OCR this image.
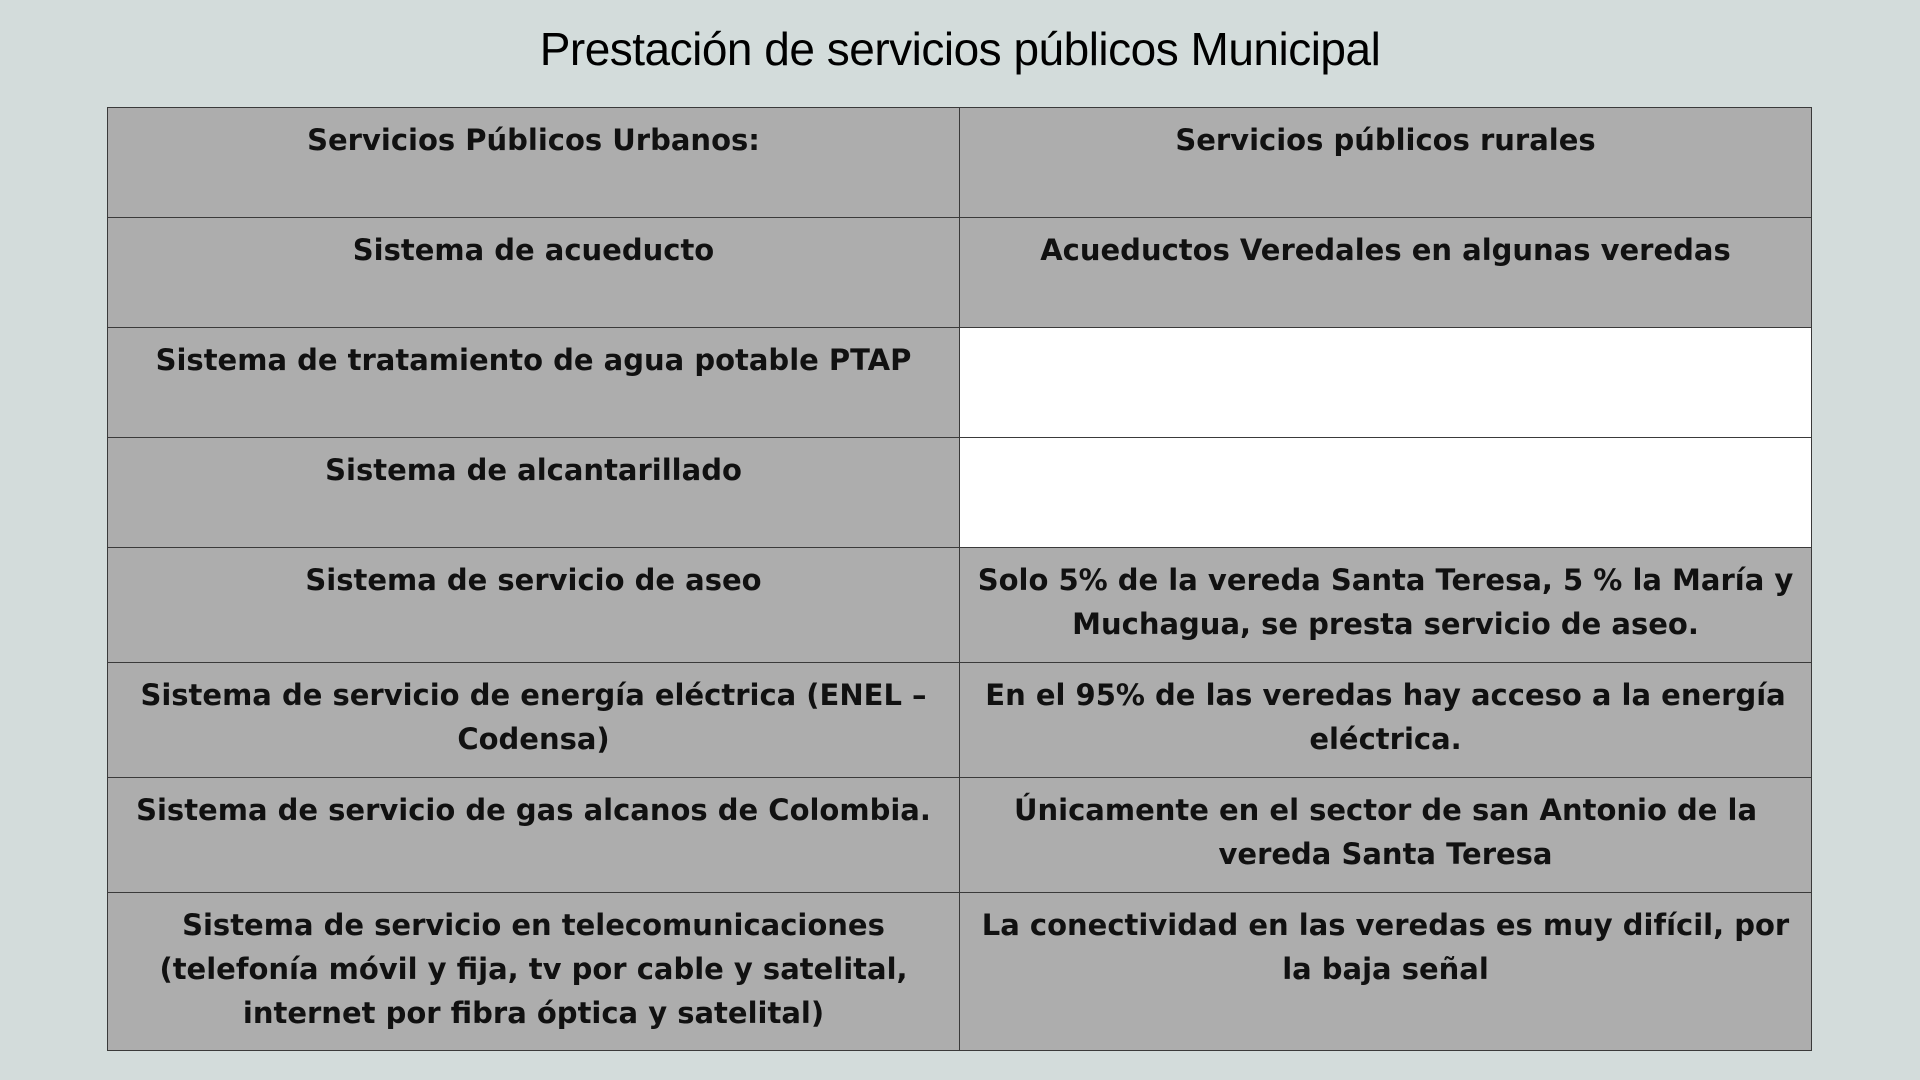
Prestación de servicios públicos Municipal
Servicios Públicos Urbanos:	Servicios públicos rurales
Sistema de acueducto	Acueductos Veredales en algunas veredas
Sistema de tratamiento de agua potable PTAP	
Sistema de alcantarillado	
Sistema de servicio de aseo	Solo 5% de la vereda Santa Teresa, 5 % la María y Muchagua, se presta servicio de aseo.
Sistema de servicio de energía eléctrica (ENEL – Codensa)	En el 95% de las veredas hay acceso a la energía eléctrica.
Sistema de servicio de gas alcanos de Colombia.	Únicamente en el sector de san Antonio de la vereda Santa Teresa
Sistema de servicio en telecomunicaciones (telefonía móvil y fija, tv por cable y satelital, internet por fibra óptica y satelital)	La conectividad en las veredas es muy difícil, por la baja señal
